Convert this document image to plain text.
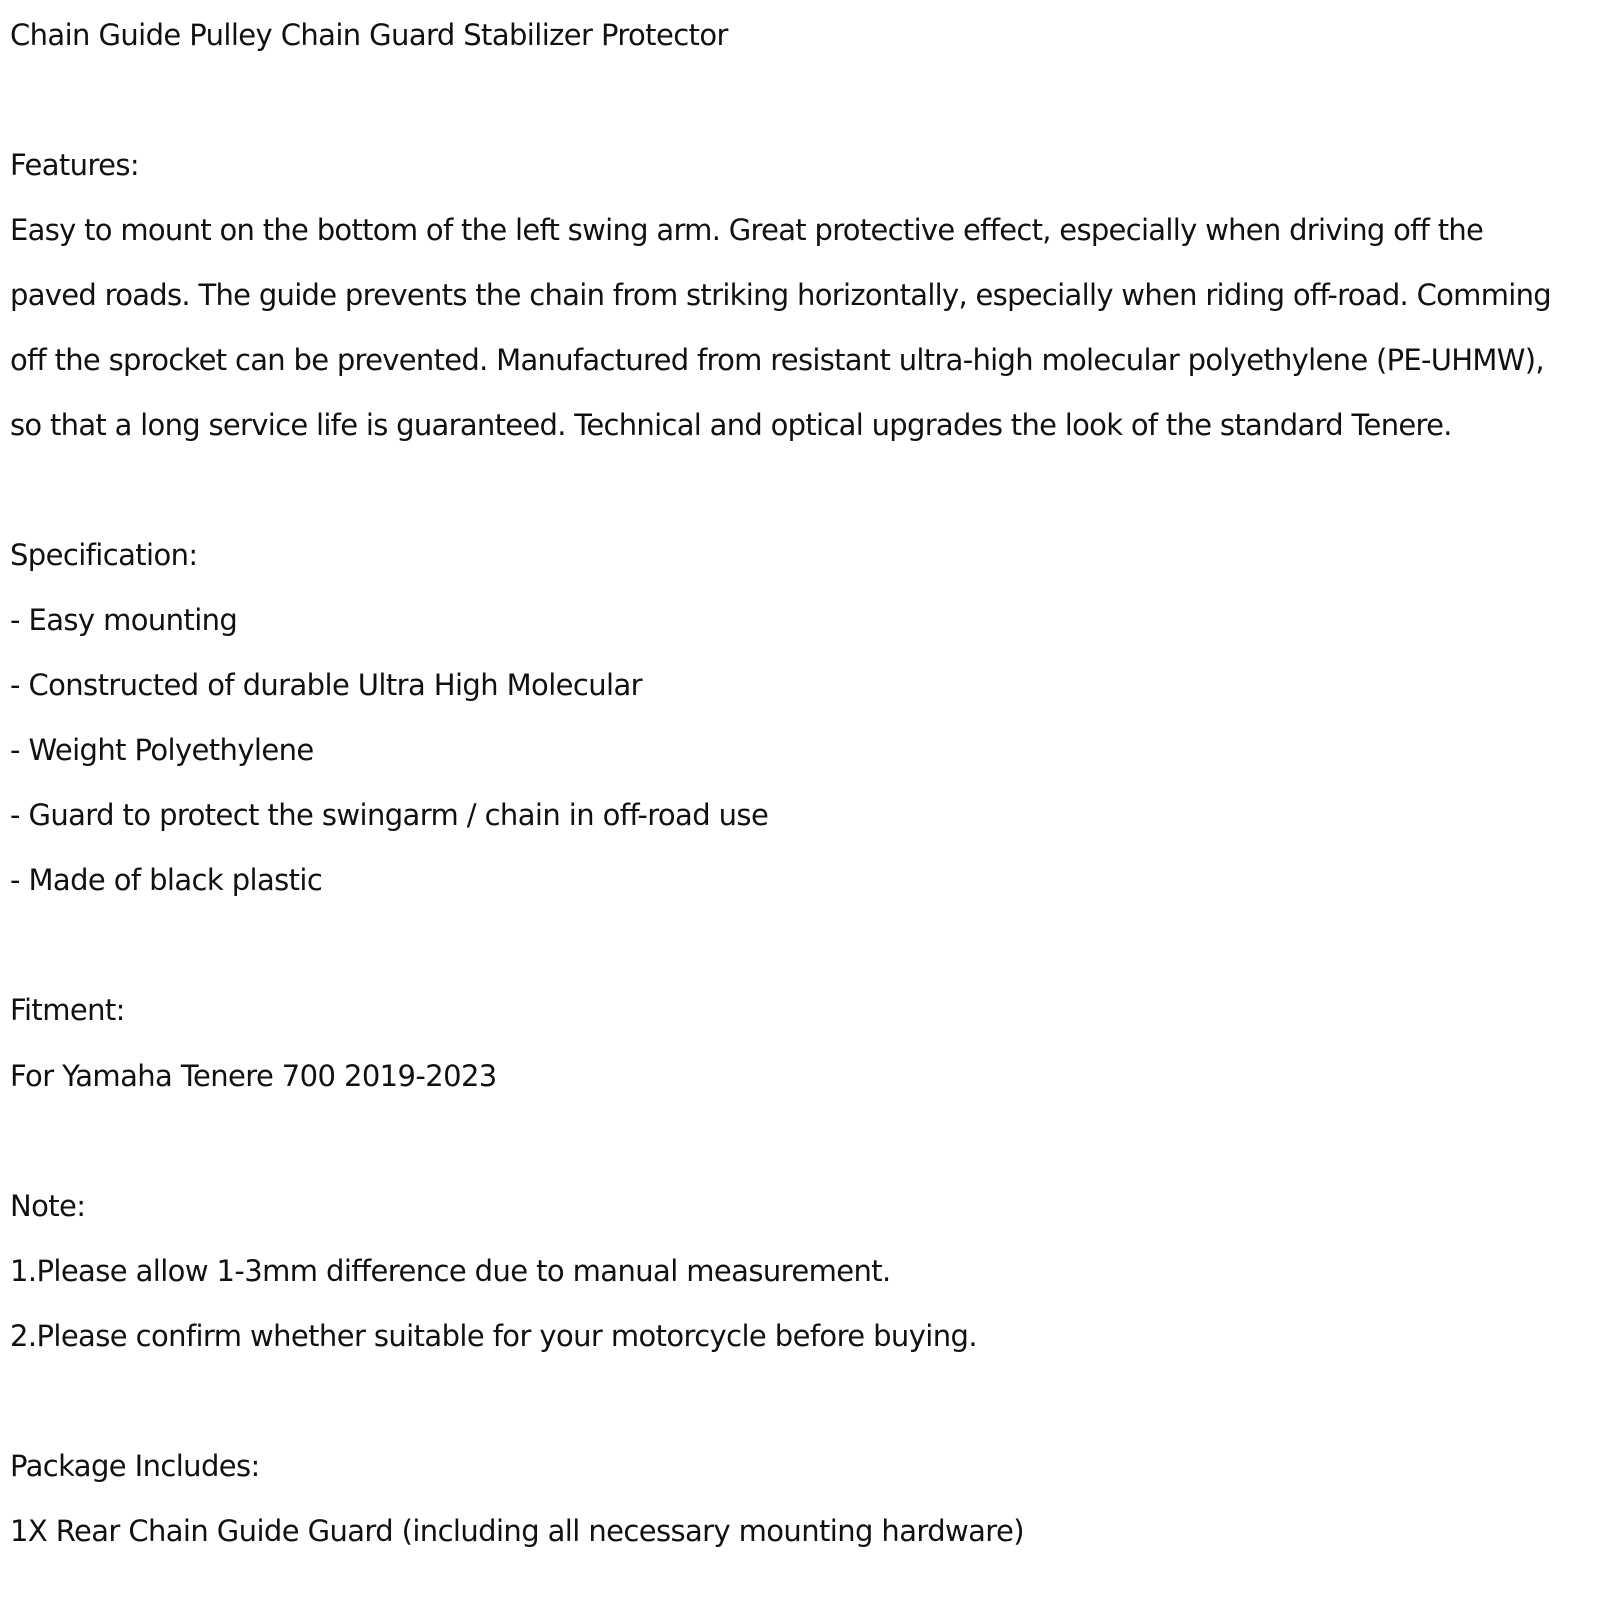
Chain Guide Pulley Chain Guard Stabilizer Protector
Features:
Easy to mount on the bottom of the left swing arm. Great protective effect, especially when driving off the
paved roads. The guide prevents the chain from striking horizontally, especially when riding off-road. Comming
off the sprocket can be prevented. Manufactured from resistant ultra-high molecular polyethylene (PE-UHMW),
so that a long service life is guaranteed. Technical and optical upgrades the look of the standard Tenere.
Specification:
- Easy mounting
- Constructed of durable Ultra High Molecular
- Weight Polyethylene
- Guard to protect the swingarm / chain in off-road use
- Made of black plastic
Fitment:
For Yamaha Tenere 700 2019-2023
Note:
1.Please allow 1-3mm difference due to manual measurement.
2.Please confirm whether suitable for your motorcycle before buying.
Package Includes:
1X Rear Chain Guide Guard (including all necessary mounting hardware)
